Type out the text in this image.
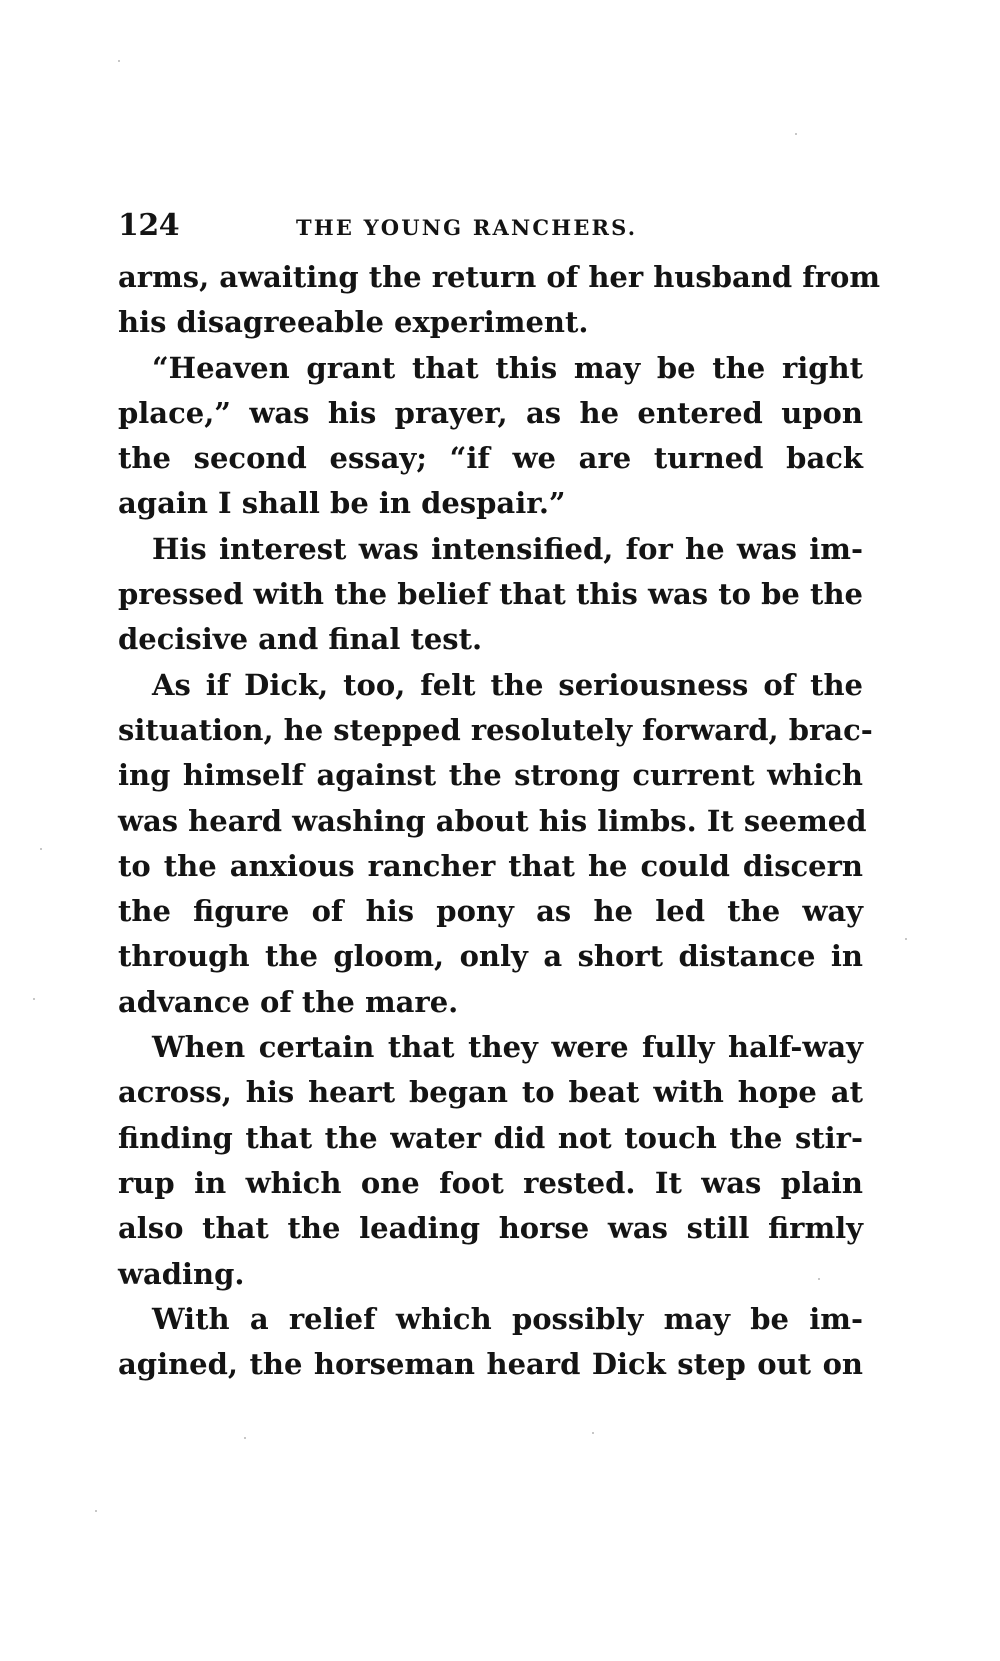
124	THE YOUNG RANCHERS.
arms, awaiting the return of her husband from
his disagreeable experiment.
“Heaven grant that this may be the right
place,” was his prayer, as he entered upon
the second essay; “if we are turned back
again I shall be in despair.”
His interest was intensified, for he was im-
pressed with the belief that this was to be the
decisive and final test.
As if Dick, too, felt the seriousness of the
situation, he stepped resolutely forward, brac-
ing himself against the strong current which
was heard washing about his limbs. It seemed
to the anxious rancher that he could discern
the figure of his pony as he led the way
through the gloom, only a short distance in
advance of the mare.
When certain that they were fully half-way
across, his heart began to beat with hope at
finding that the water did not touch the stir-
rup in which one foot rested. It was plain
also that the leading horse was still firmly
wading.
With a relief which possibly may be im-
agined, the horseman heard Dick step out on
